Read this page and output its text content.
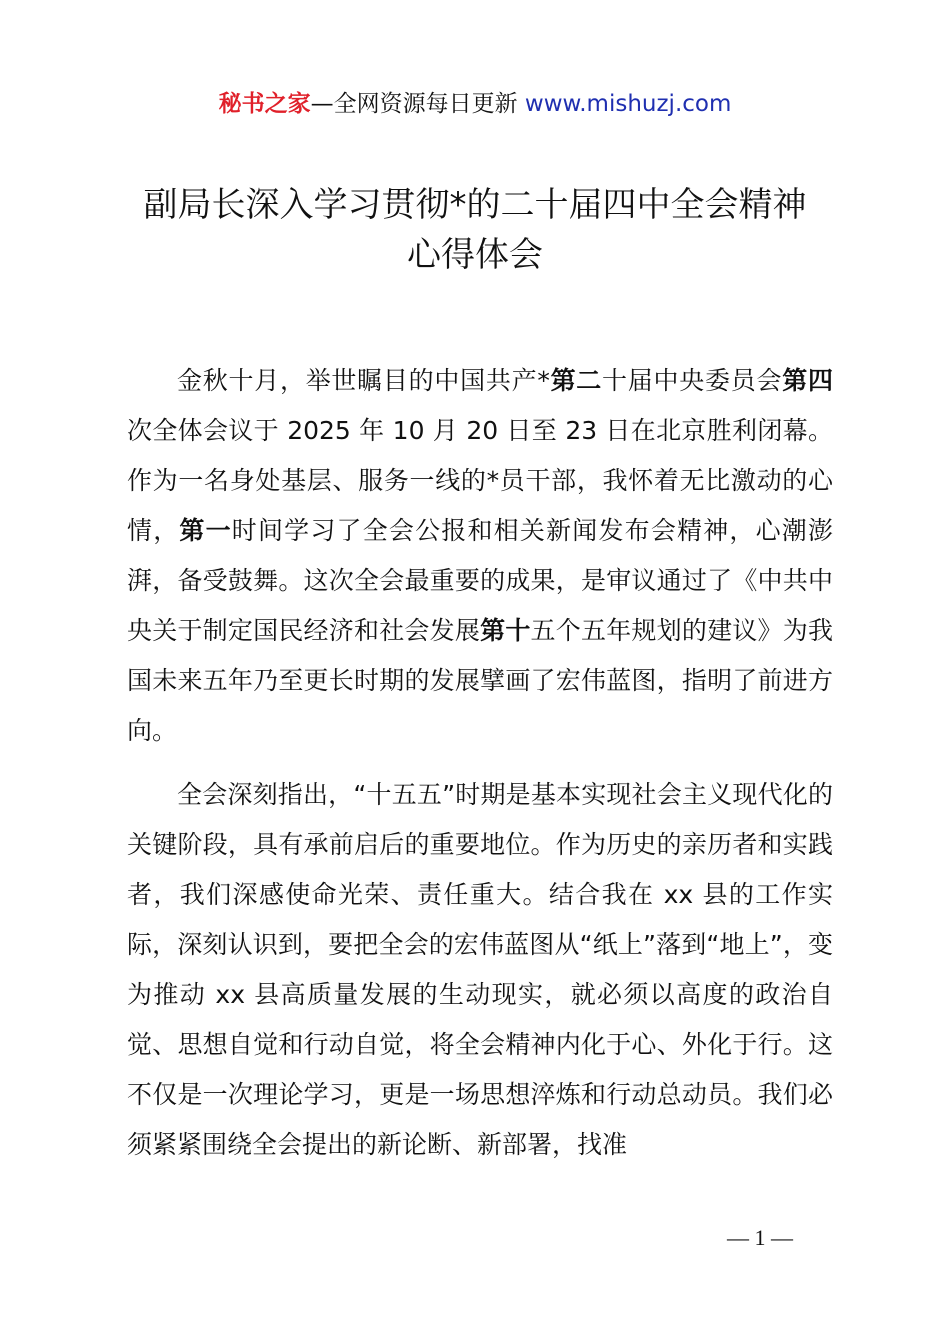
秘书之家—全网资源每日更新 www.mishuzj.com
副局长深入学习贯彻*的二十届四中全会精神
心得体会

金秋十月，举世瞩目的中国共产*第二十届中央委员会第四次全体会议于 2025 年 10 月 20 日至 23 日在北京胜利闭幕。作为一名身处基层、服务一线的*员干部，我怀着无比激动的心情，第一时间学习了全会公报和相关新闻发布会精神，心潮澎湃，备受鼓舞。这次全会最重要的成果，是审议通过了《中共中央关于制定国民经济和社会发展第十五个五年规划的建议》为我国未来五年乃至更长时期的发展擘画了宏伟蓝图，指明了前进方向。

全会深刻指出，“十五五”时期是基本实现社会主义现代化的关键阶段，具有承前启后的重要地位。作为历史的亲历者和实践者，我们深感使命光荣、责任重大。结合我在 xx 县的工作实际，深刻认识到，要把全会的宏伟蓝图从“纸上”落到“地上”，变为推动 xx 县高质量发展的生动现实，就必须以高度的政治自觉、思想自觉和行动自觉，将全会精神内化于心、外化于行。这不仅是一次理论学习，更是一场思想淬炼和行动总动员。我们必须紧紧围绕全会提出的新论断、新部署，找准

— 1 —
